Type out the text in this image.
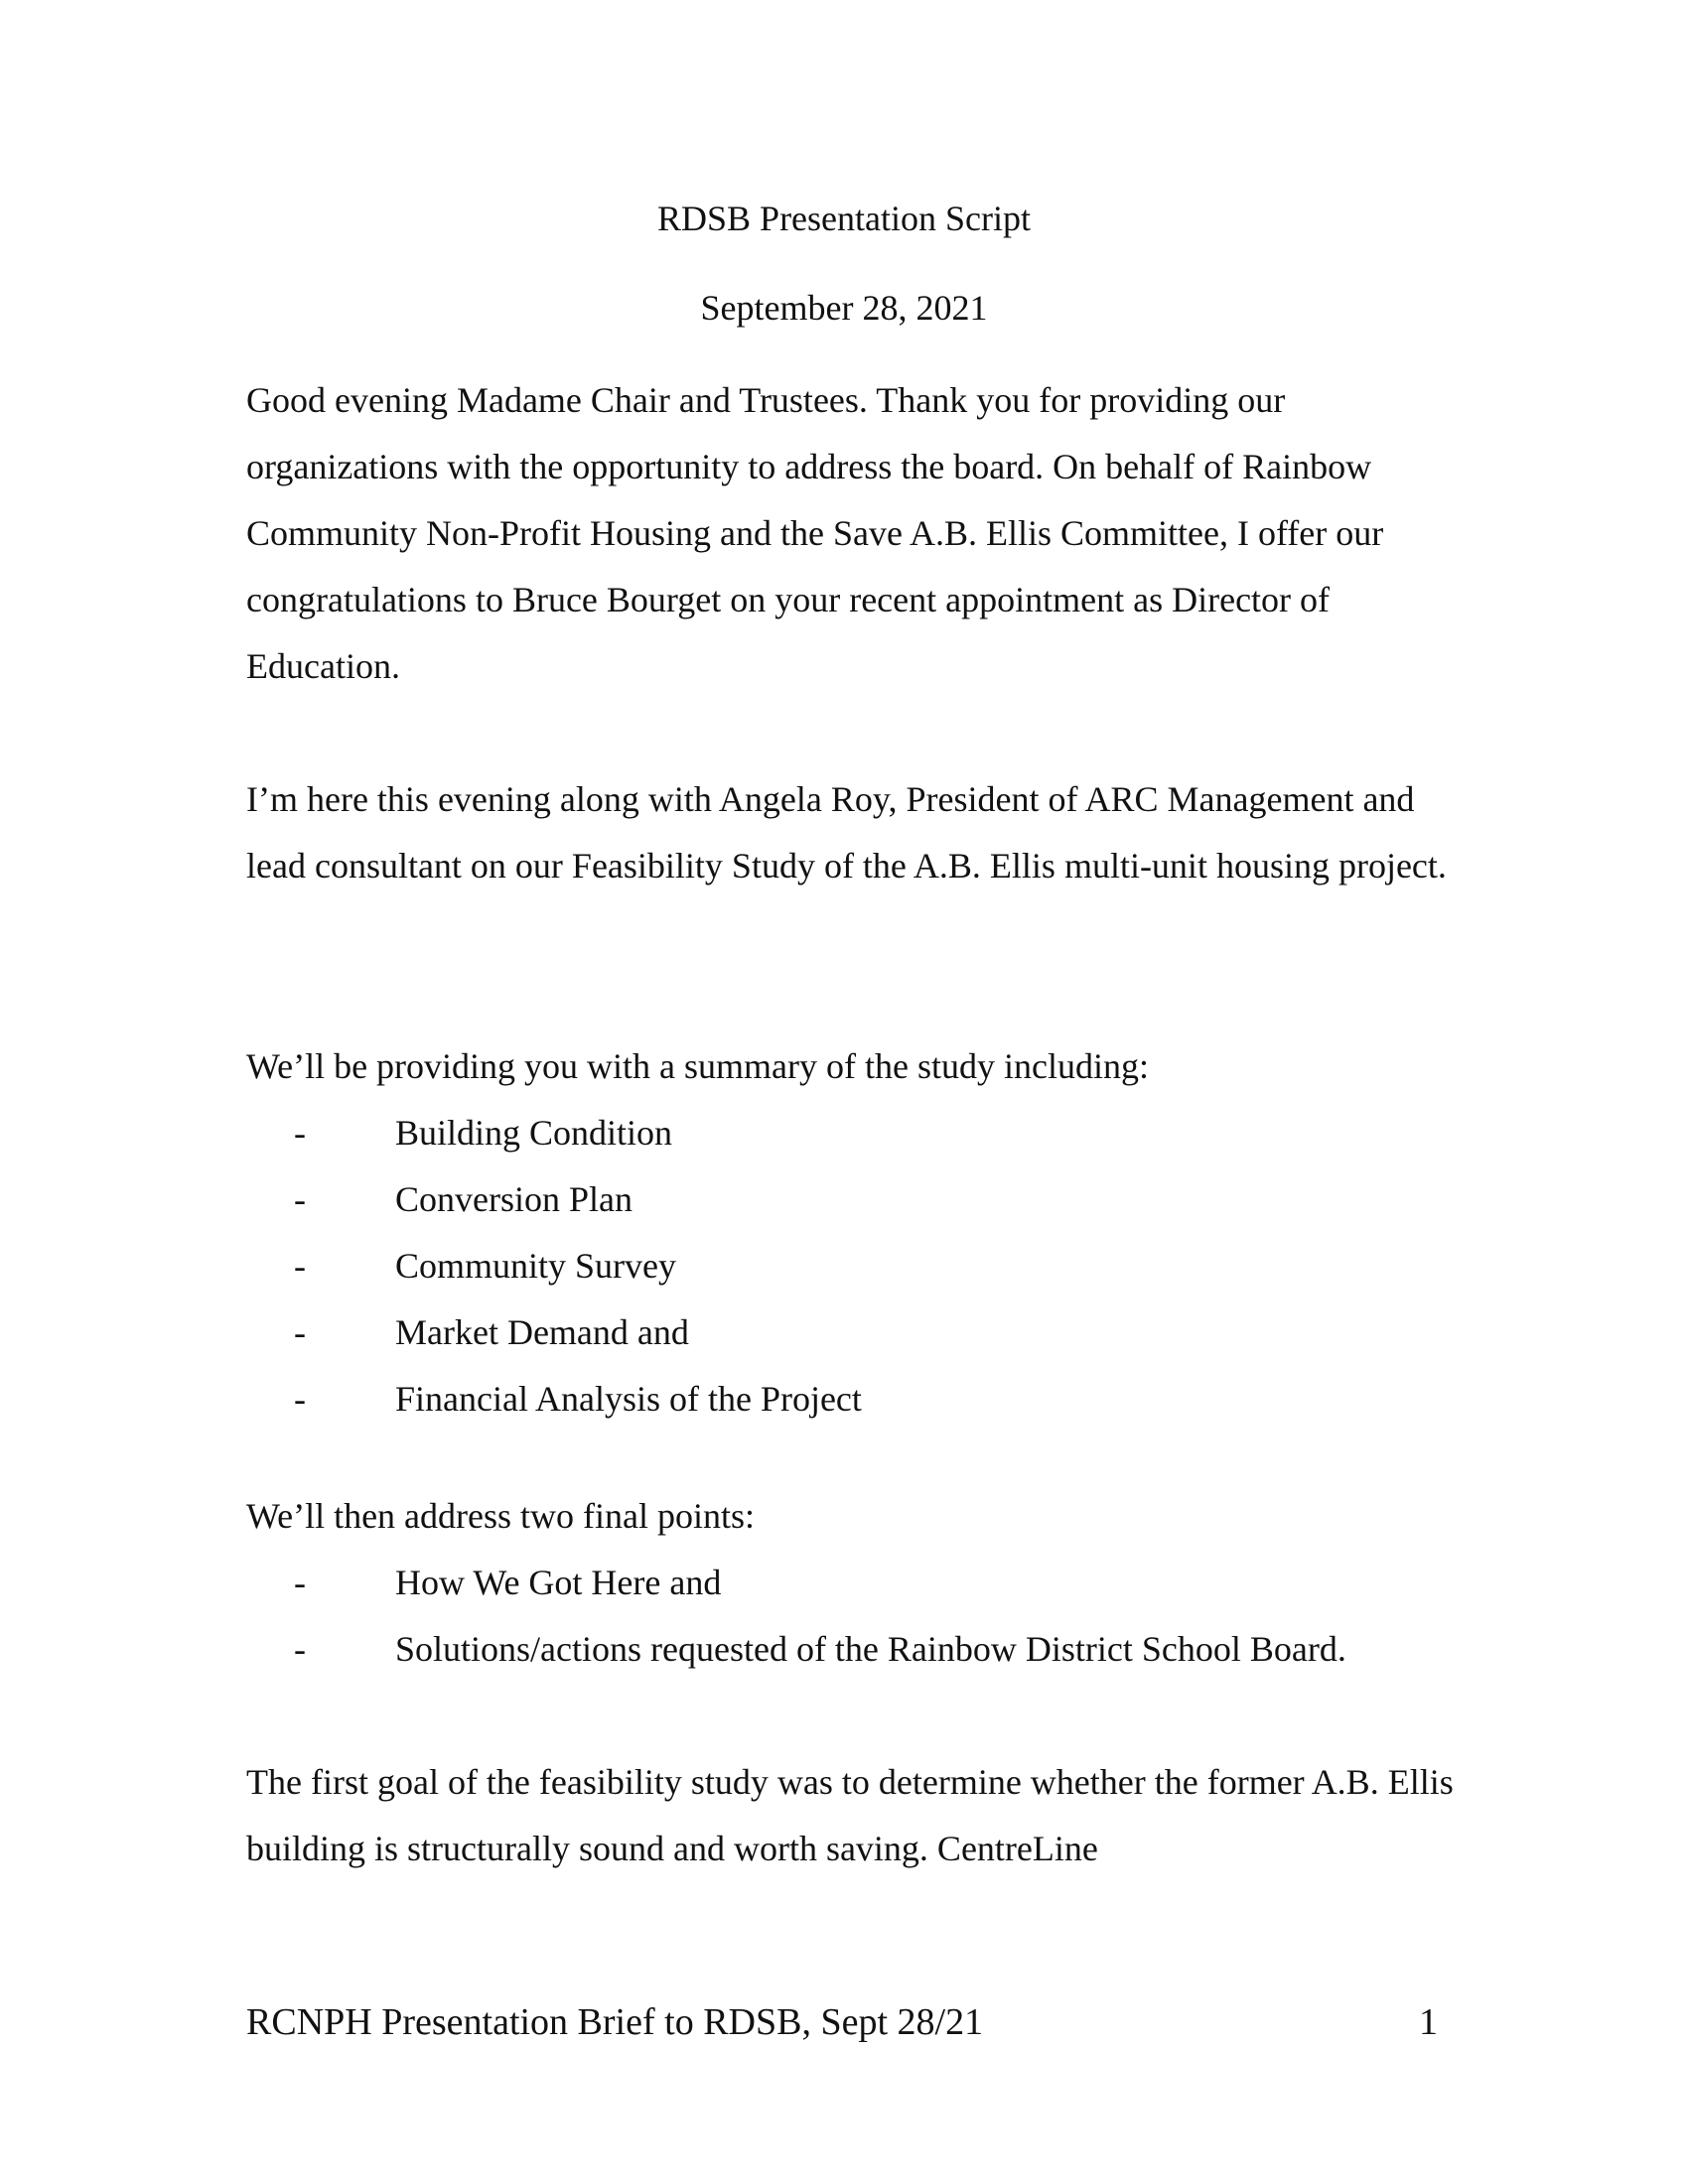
RDSB Presentation Script

September 28, 2021

Good evening Madame Chair and Trustees. Thank you for providing our organizations with the opportunity to address the board. On behalf of Rainbow Community Non-Profit Housing and the Save A.B. Ellis Committee, I offer our congratulations to Bruce Bourget on your recent appointment as Director of Education.

I’m here this evening along with Angela Roy, President of ARC Management and lead consultant on our Feasibility Study of the A.B. Ellis multi-unit housing project.

We’ll be providing you with a summary of the study including:

-	Building Condition
-	Conversion Plan
-	Community Survey
-	Market Demand and
-	Financial Analysis of the Project

We’ll then address two final points:

-	How We Got Here and
-	Solutions/actions requested of the Rainbow District School Board.

The first goal of the feasibility study was to determine whether the former A.B. Ellis building is structurally sound and worth saving. CentreLine

RCNPH Presentation Brief to RDSB, Sept 28/21	1
